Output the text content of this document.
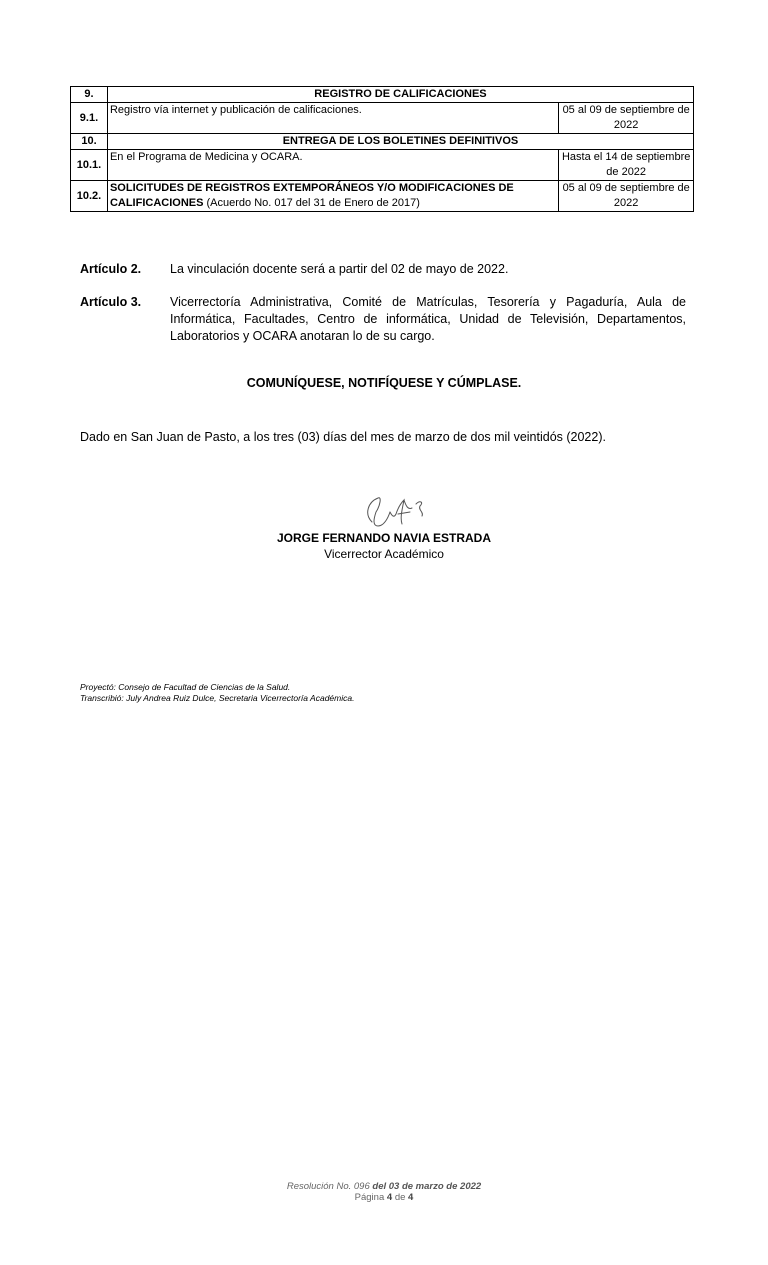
9.	REGISTRO DE CALIFICACIONES	
9.1.	Registro vía internet y publicación de calificaciones.	05 al 09 de septiembre de 2022
10.	ENTREGA DE LOS BOLETINES DEFINITIVOS	
10.1.	En el Programa de Medicina y OCARA.	Hasta el 14 de septiembre de 2022
10.2.	SOLICITUDES DE REGISTROS EXTEMPORÁNEOS Y/O MODIFICACIONES DE CALIFICACIONES (Acuerdo No. 017 del 31 de Enero de 2017)	05 al 09 de septiembre de 2022
Artículo 2. La vinculación docente será a partir del 02 de mayo de 2022.
Artículo 3. Vicerrectoría Administrativa, Comité de Matrículas, Tesorería y Pagaduría, Aula de Informática, Facultades, Centro de informática, Unidad de Televisión, Departamentos, Laboratorios y OCARA anotaran lo de su cargo.
COMUNÍQUESE, NOTIFÍQUESE Y CÚMPLASE.
Dado en San Juan de Pasto, a los tres (03) días del mes de marzo de dos mil veintidós (2022).
JORGE FERNANDO NAVIA ESTRADA
Vicerrector Académico
Proyectó: Consejo de Facultad de Ciencias de la Salud.
Transcribió: July Andrea Ruiz Dulce, Secretaria Vicerrectoría Académica.
Resolución No. 096 del 03 de marzo de 2022
Página 4 de 4
